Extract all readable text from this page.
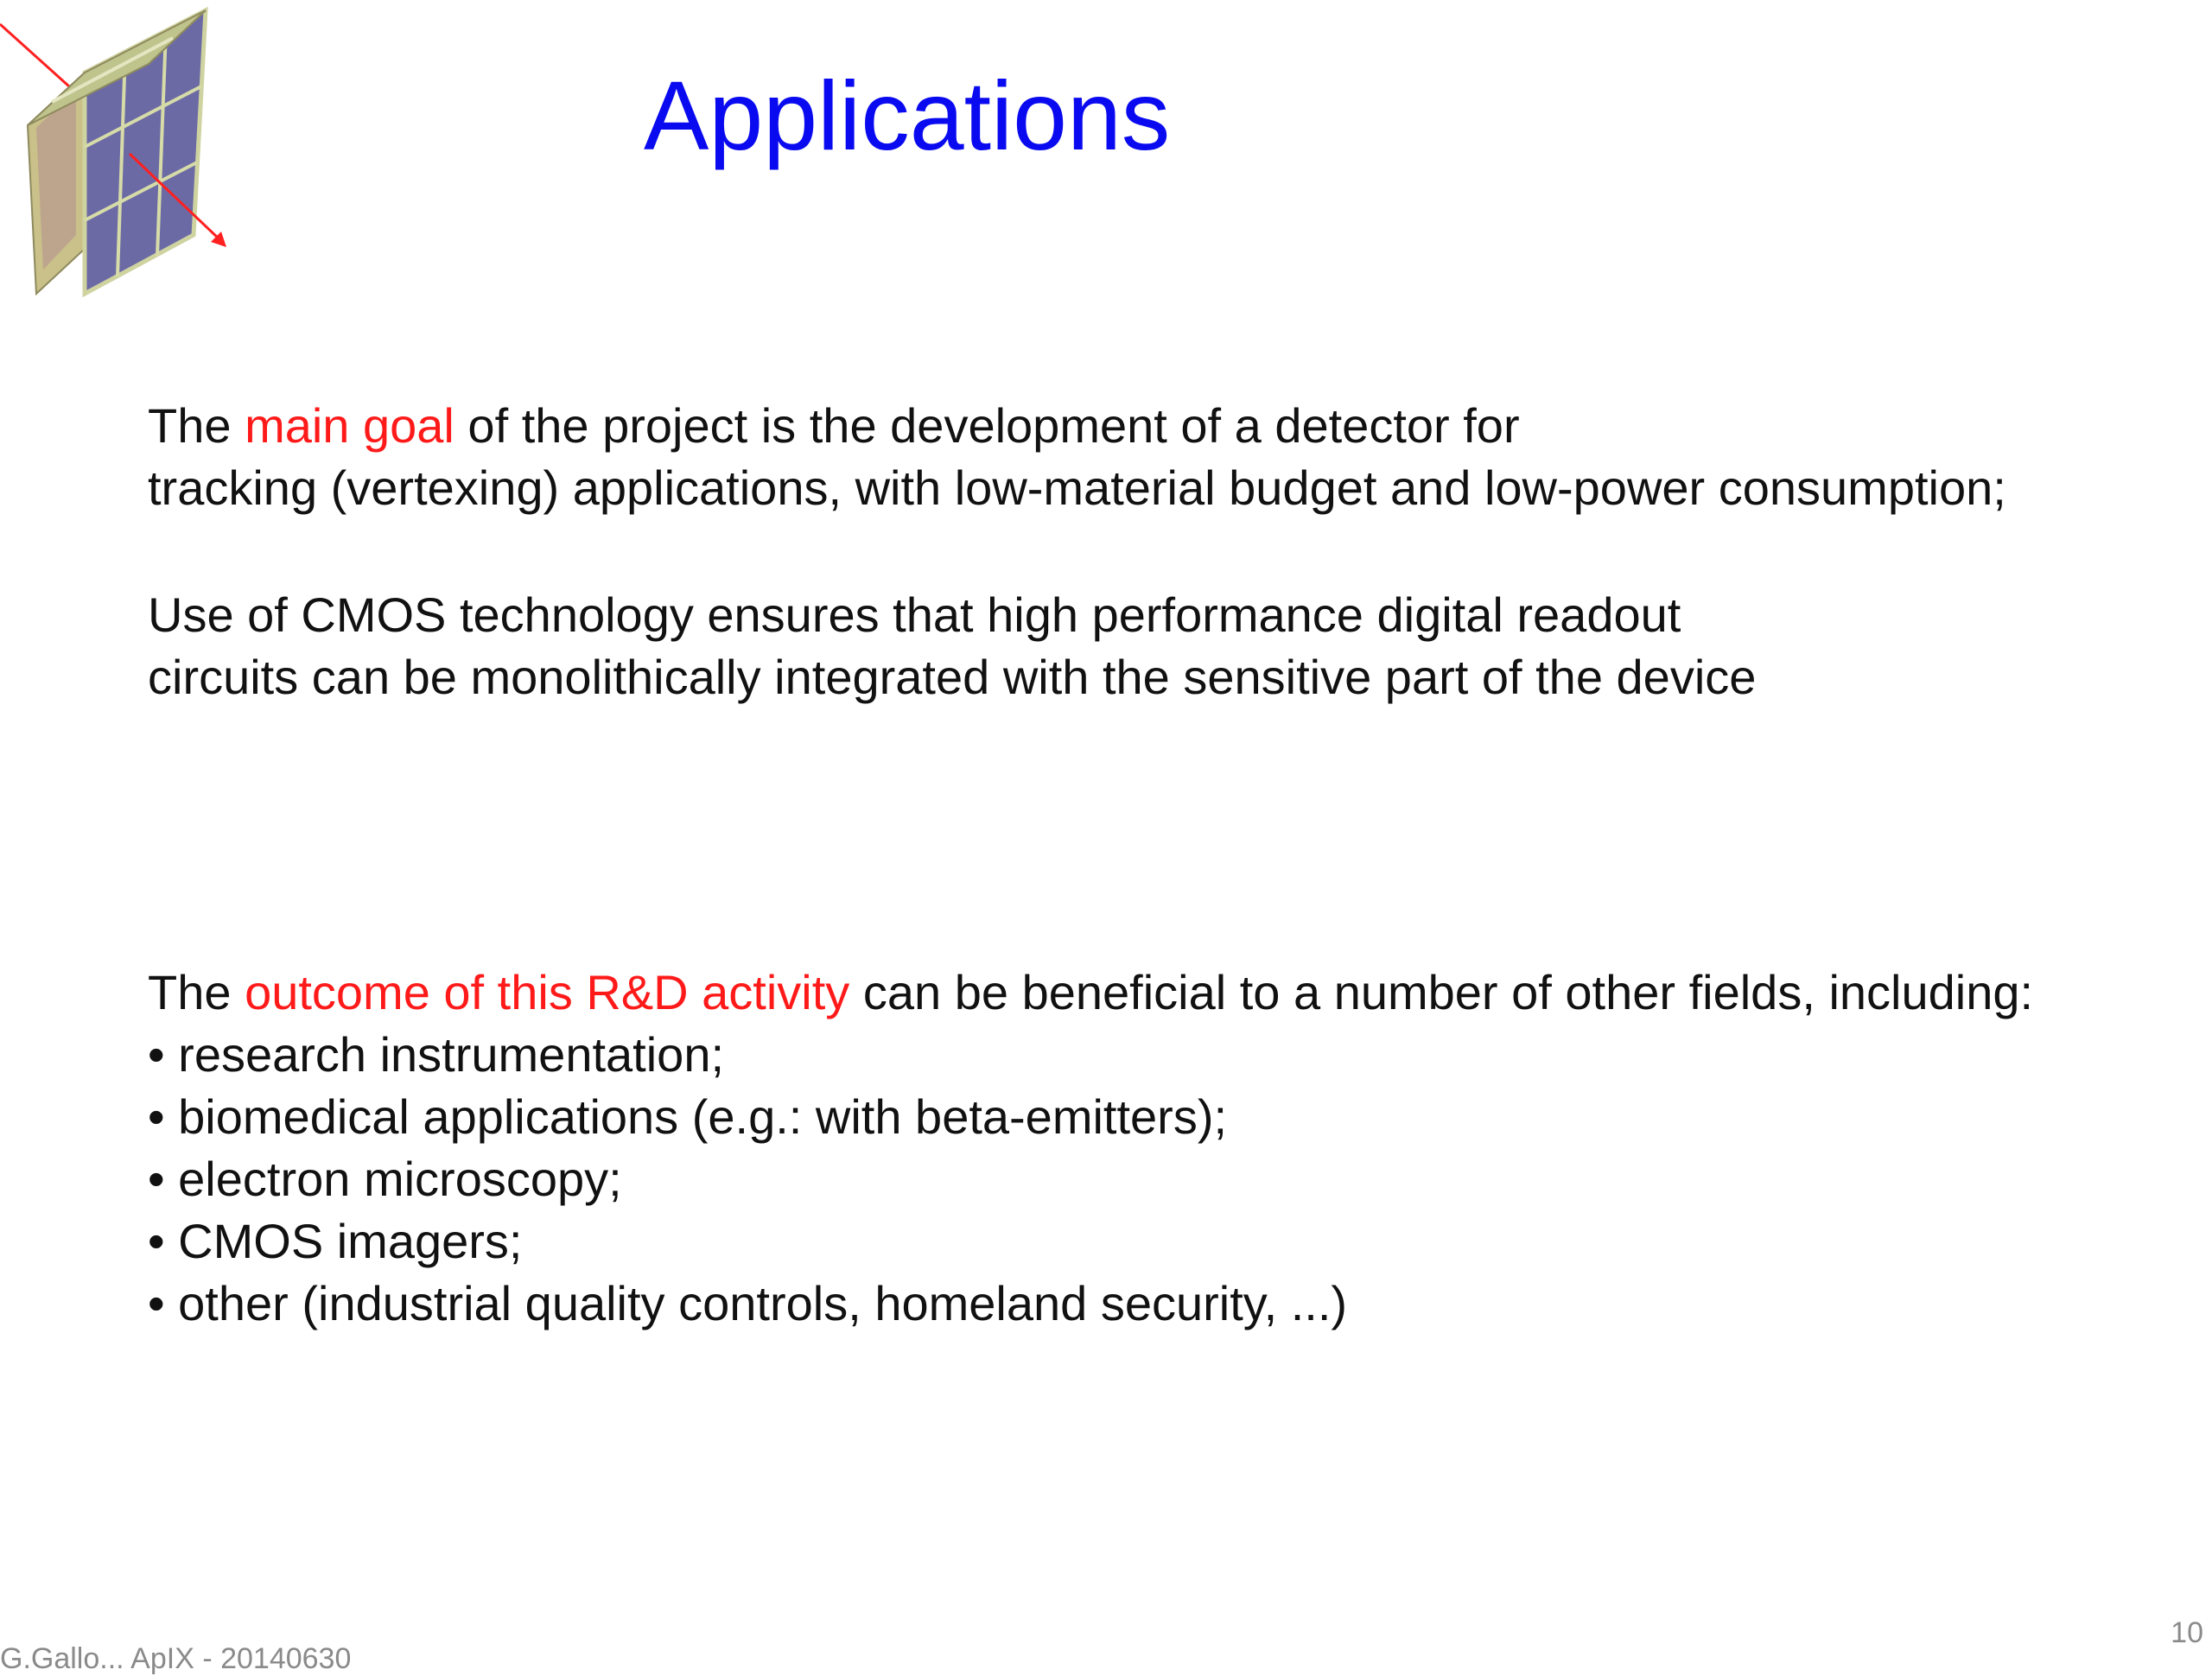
Applications

The main goal of the project is the development of a detector for
tracking (vertexing) applications, with low-material budget and low-power consumption;

Use of CMOS technology ensures that high performance digital readout
circuits can be monolithically integrated with the sensitive part of the device

The outcome of this R&D activity can be beneficial to a number of other fields, including:
• research instrumentation;
• biomedical applications (e.g.: with beta-emitters);
• electron microscopy;
• CMOS imagers;
• other (industrial quality controls, homeland security, ...)
G.Gallo... ApIX - 20140630
10
